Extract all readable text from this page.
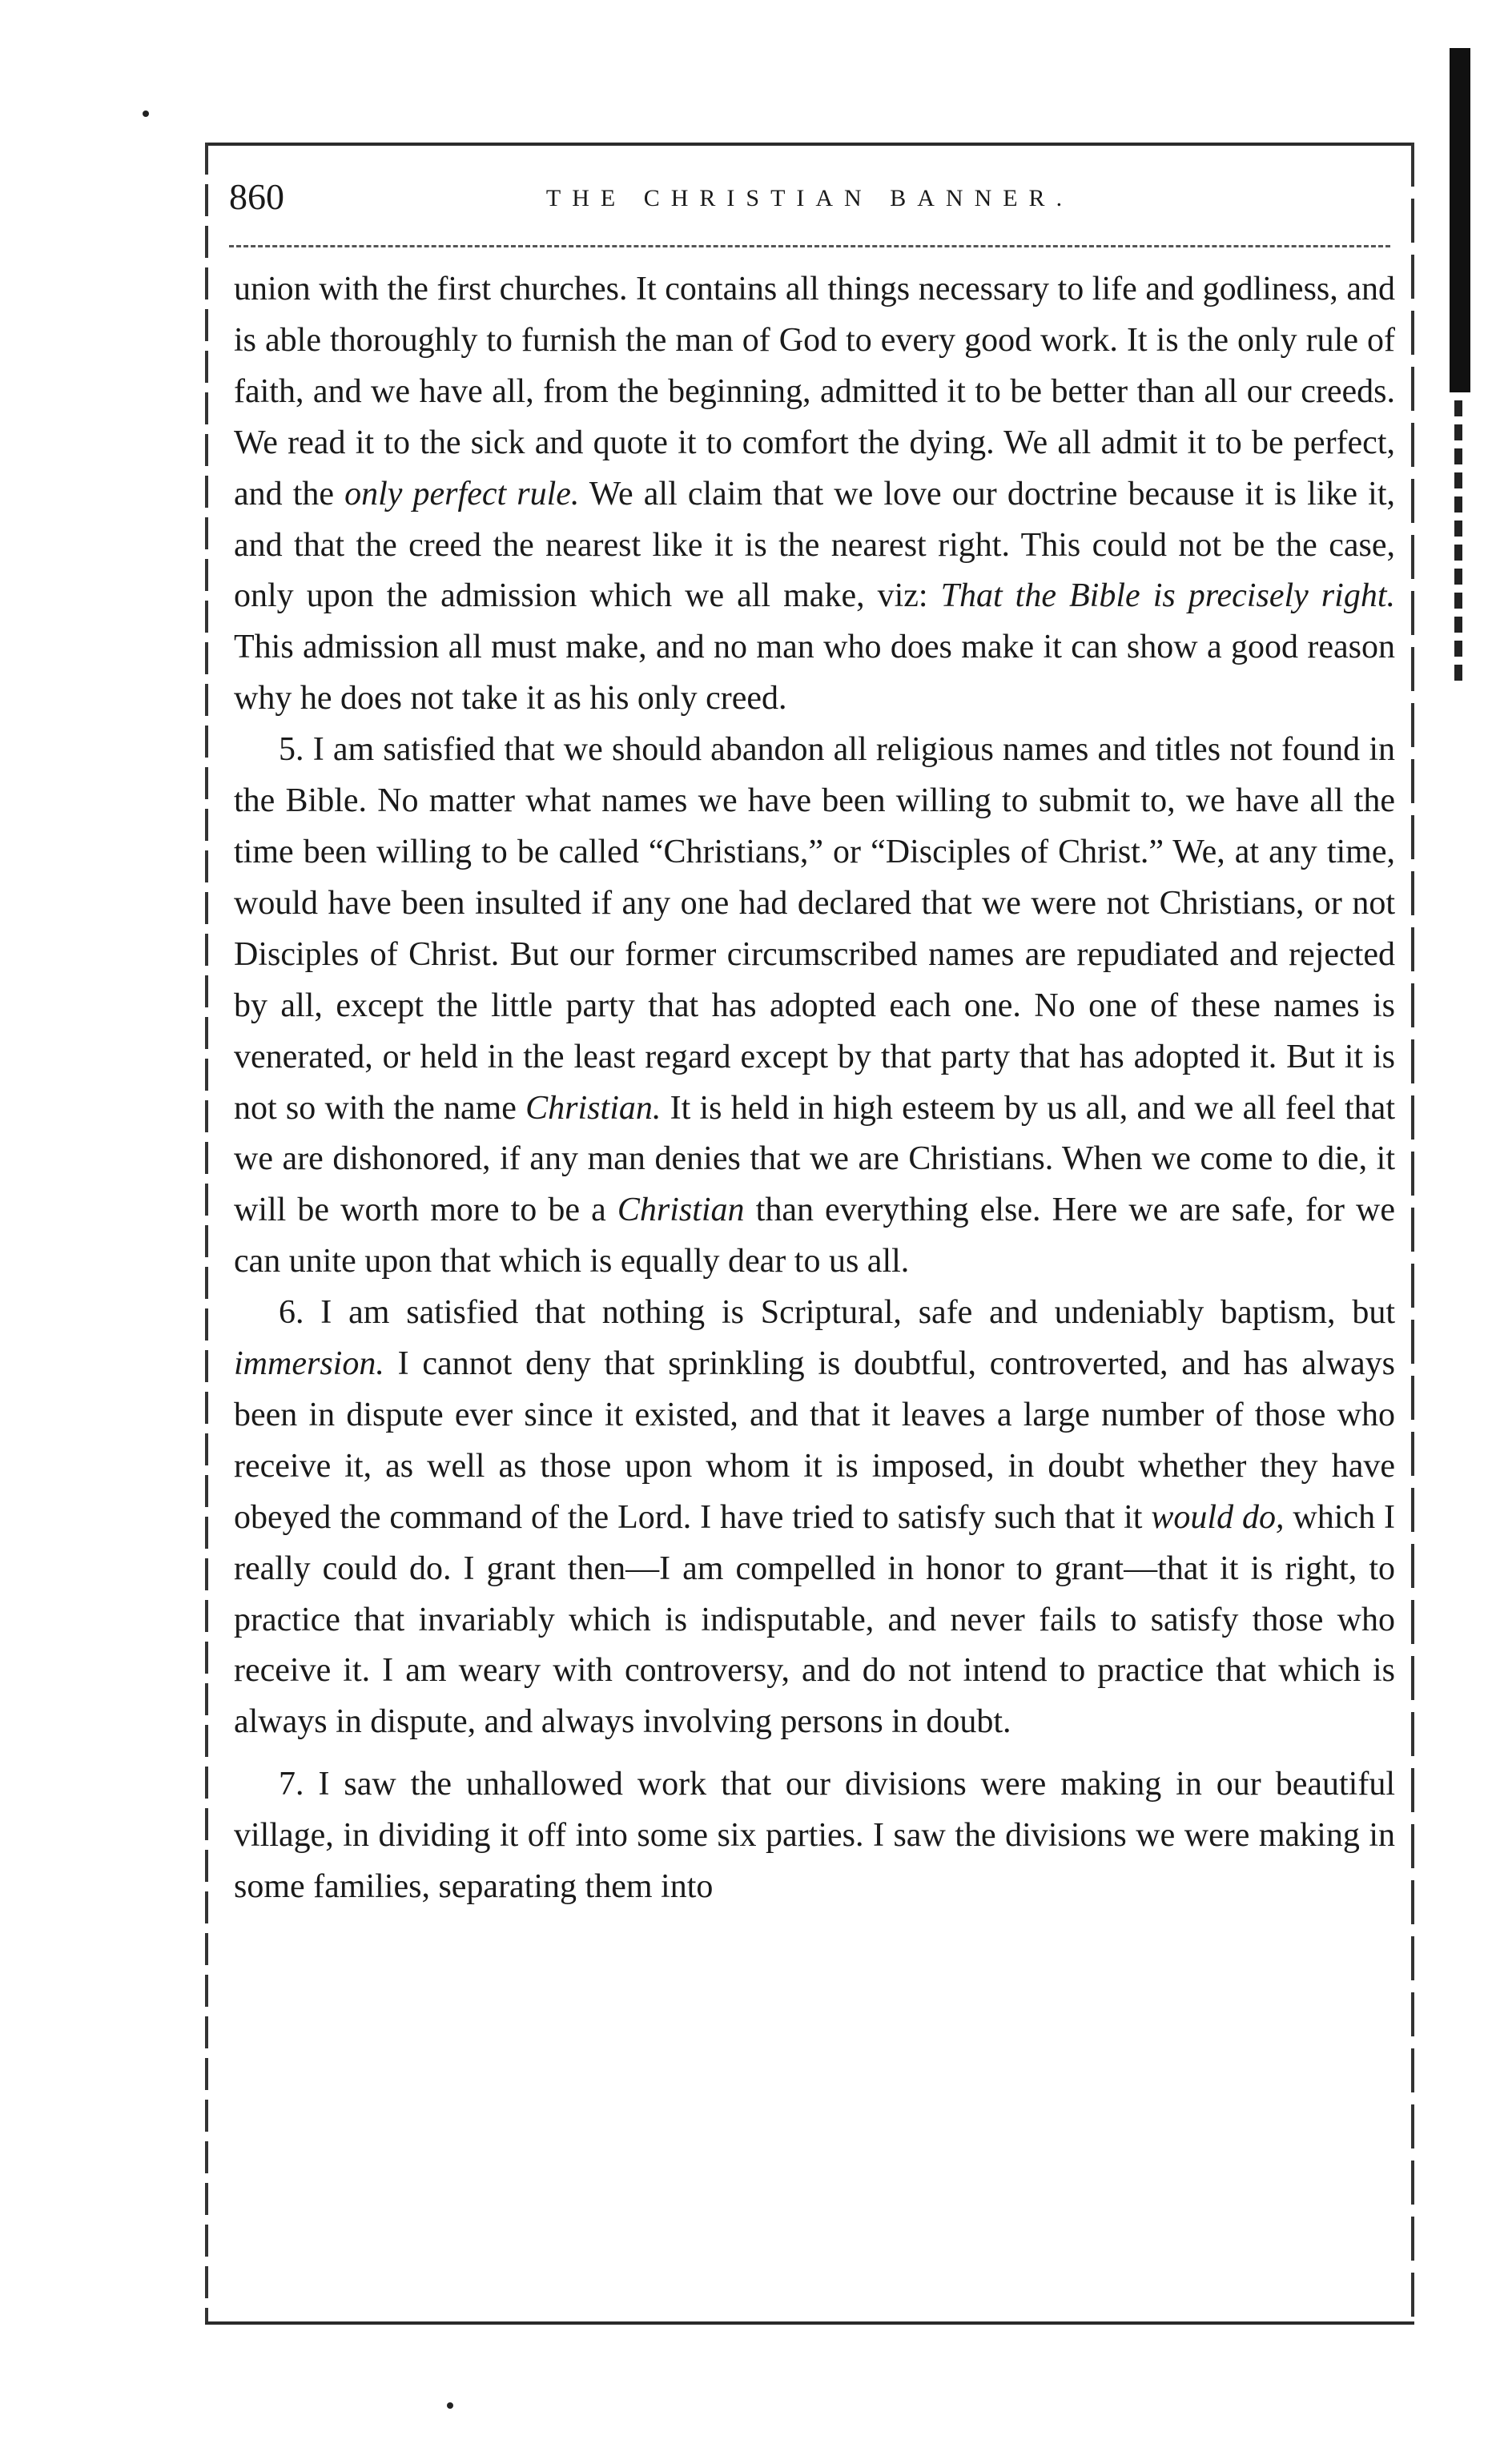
860	THE CHRISTIAN BANNER.

union with the first churches. It contains all things necessary to life and godliness, and is able thoroughly to furnish the man of God to every good work. It is the only rule of faith, and we have all, from the beginning, admitted it to be better than all our creeds. We read it to the sick and quote it to comfort the dying. We all admit it to be perfect, and the only perfect rule. We all claim that we love our doctrine because it is like it, and that the creed the nearest like it is the nearest right. This could not be the case, only upon the admission which we all make, viz: That the Bible is precisely right. This admission all must make, and no man who does make it can show a good reason why he does not take it as his only creed.

5. I am satisfied that we should abandon all religious names and titles not found in the Bible. No matter what names we have been willing to submit to, we have all the time been willing to be called “Christians,” or “Disciples of Christ.” We, at any time, would have been insulted if any one had declared that we were not Christians, or not Disciples of Christ. But our former circumscribed names are repudiated and rejected by all, except the little party that has adopted each one. No one of these names is venerated, or held in the least regard except by that party that has adopted it. But it is not so with the name Christian. It is held in high esteem by us all, and we all feel that we are dishonored, if any man denies that we are Christians. When we come to die, it will be worth more to be a Christian than everything else. Here we are safe, for we can unite upon that which is equally dear to us all.

6. I am satisfied that nothing is Scriptural, safe and undeniably baptism, but immersion. I cannot deny that sprinkling is doubtful, controverted, and has always been in dispute ever since it existed, and that it leaves a large number of those who receive it, as well as those upon whom it is imposed, in doubt whether they have obeyed the command of the Lord. I have tried to satisfy such that it would do, which I really could do. I grant then—I am compelled in honor to grant—that it is right, to practice that invariably which is indisputable, and never fails to satisfy those who receive it. I am weary with controversy, and do not intend to practice that which is always in dispute, and always involving persons in doubt.

7. I saw the unhallowed work that our divisions were making in our beautiful village, in dividing it off into some six parties. I saw the divisions we were making in some families, separating them into
